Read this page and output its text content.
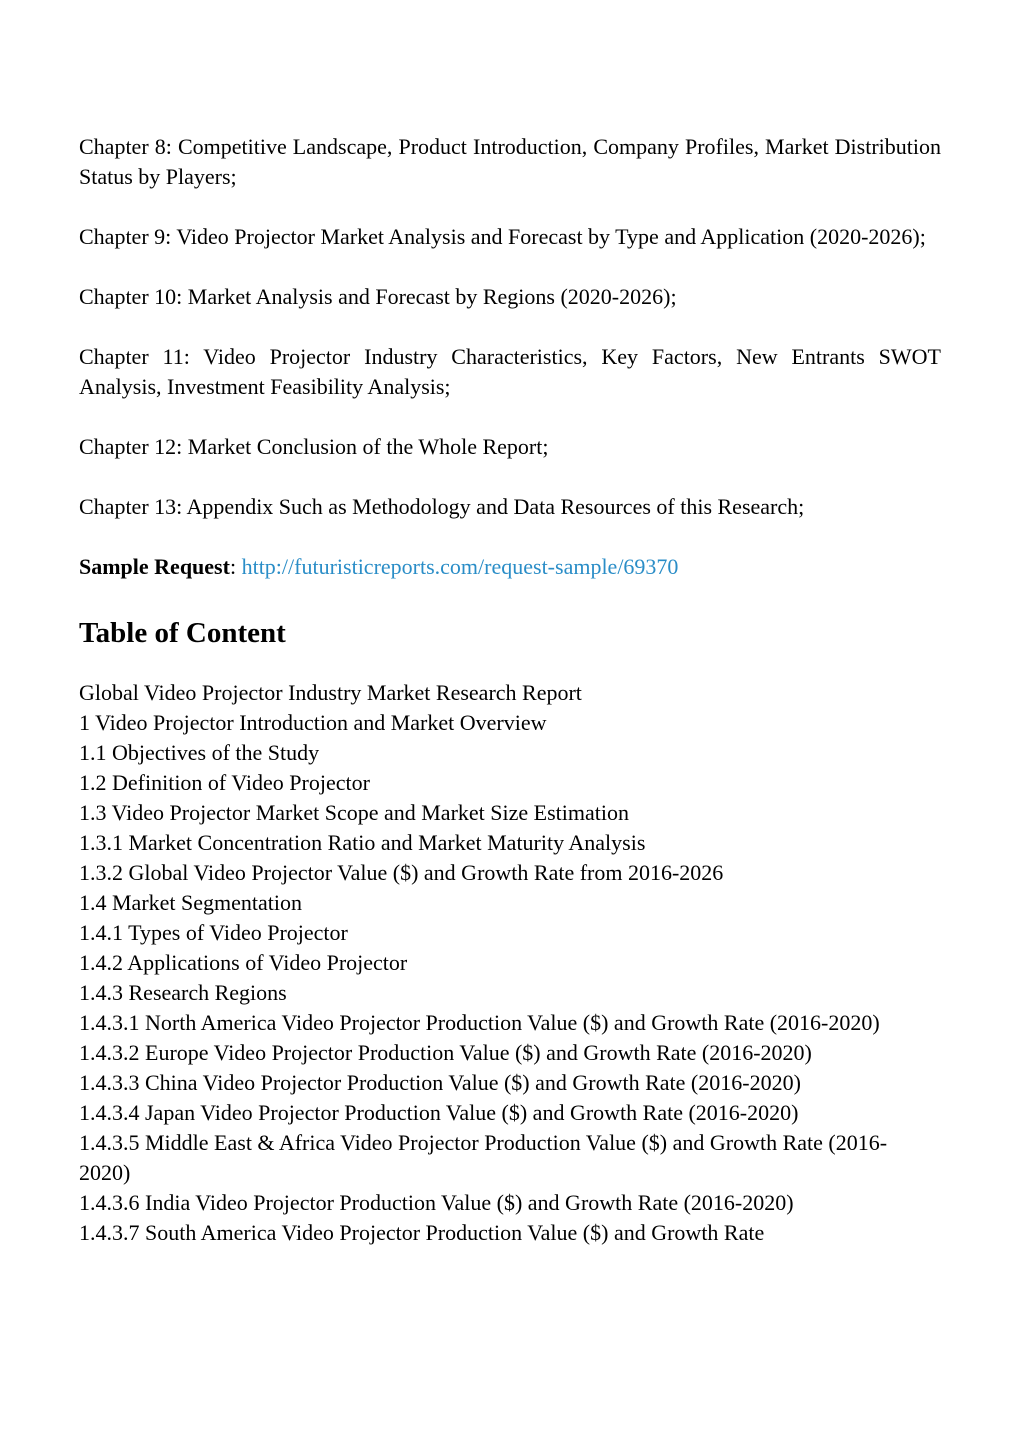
Chapter 8: Competitive Landscape, Product Introduction, Company Profiles, Market Distribution Status by Players;

Chapter 9: Video Projector Market Analysis and Forecast by Type and Application (2020-2026);

Chapter 10: Market Analysis and Forecast by Regions (2020-2026);

Chapter 11: Video Projector Industry Characteristics, Key Factors, New Entrants SWOT Analysis, Investment Feasibility Analysis;

Chapter 12: Market Conclusion of the Whole Report;

Chapter 13: Appendix Such as Methodology and Data Resources of this Research;

Sample Request: http://futuristicreports.com/request-sample/69370

Table of Content
Global Video Projector Industry Market Research Report
1 Video Projector Introduction and Market Overview
1.1 Objectives of the Study
1.2 Definition of Video Projector
1.3 Video Projector Market Scope and Market Size Estimation
1.3.1 Market Concentration Ratio and Market Maturity Analysis
1.3.2 Global Video Projector Value ($) and Growth Rate from 2016-2026
1.4 Market Segmentation
1.4.1 Types of Video Projector
1.4.2 Applications of Video Projector
1.4.3 Research Regions
1.4.3.1 North America Video Projector Production Value ($) and Growth Rate (2016-2020)
1.4.3.2 Europe Video Projector Production Value ($) and Growth Rate (2016-2020)
1.4.3.3 China Video Projector Production Value ($) and Growth Rate (2016-2020)
1.4.3.4 Japan Video Projector Production Value ($) and Growth Rate (2016-2020)
1.4.3.5 Middle East & Africa Video Projector Production Value ($) and Growth Rate (2016-2020)
1.4.3.6 India Video Projector Production Value ($) and Growth Rate (2016-2020)
1.4.3.7 South America Video Projector Production Value ($) and Growth Rate
